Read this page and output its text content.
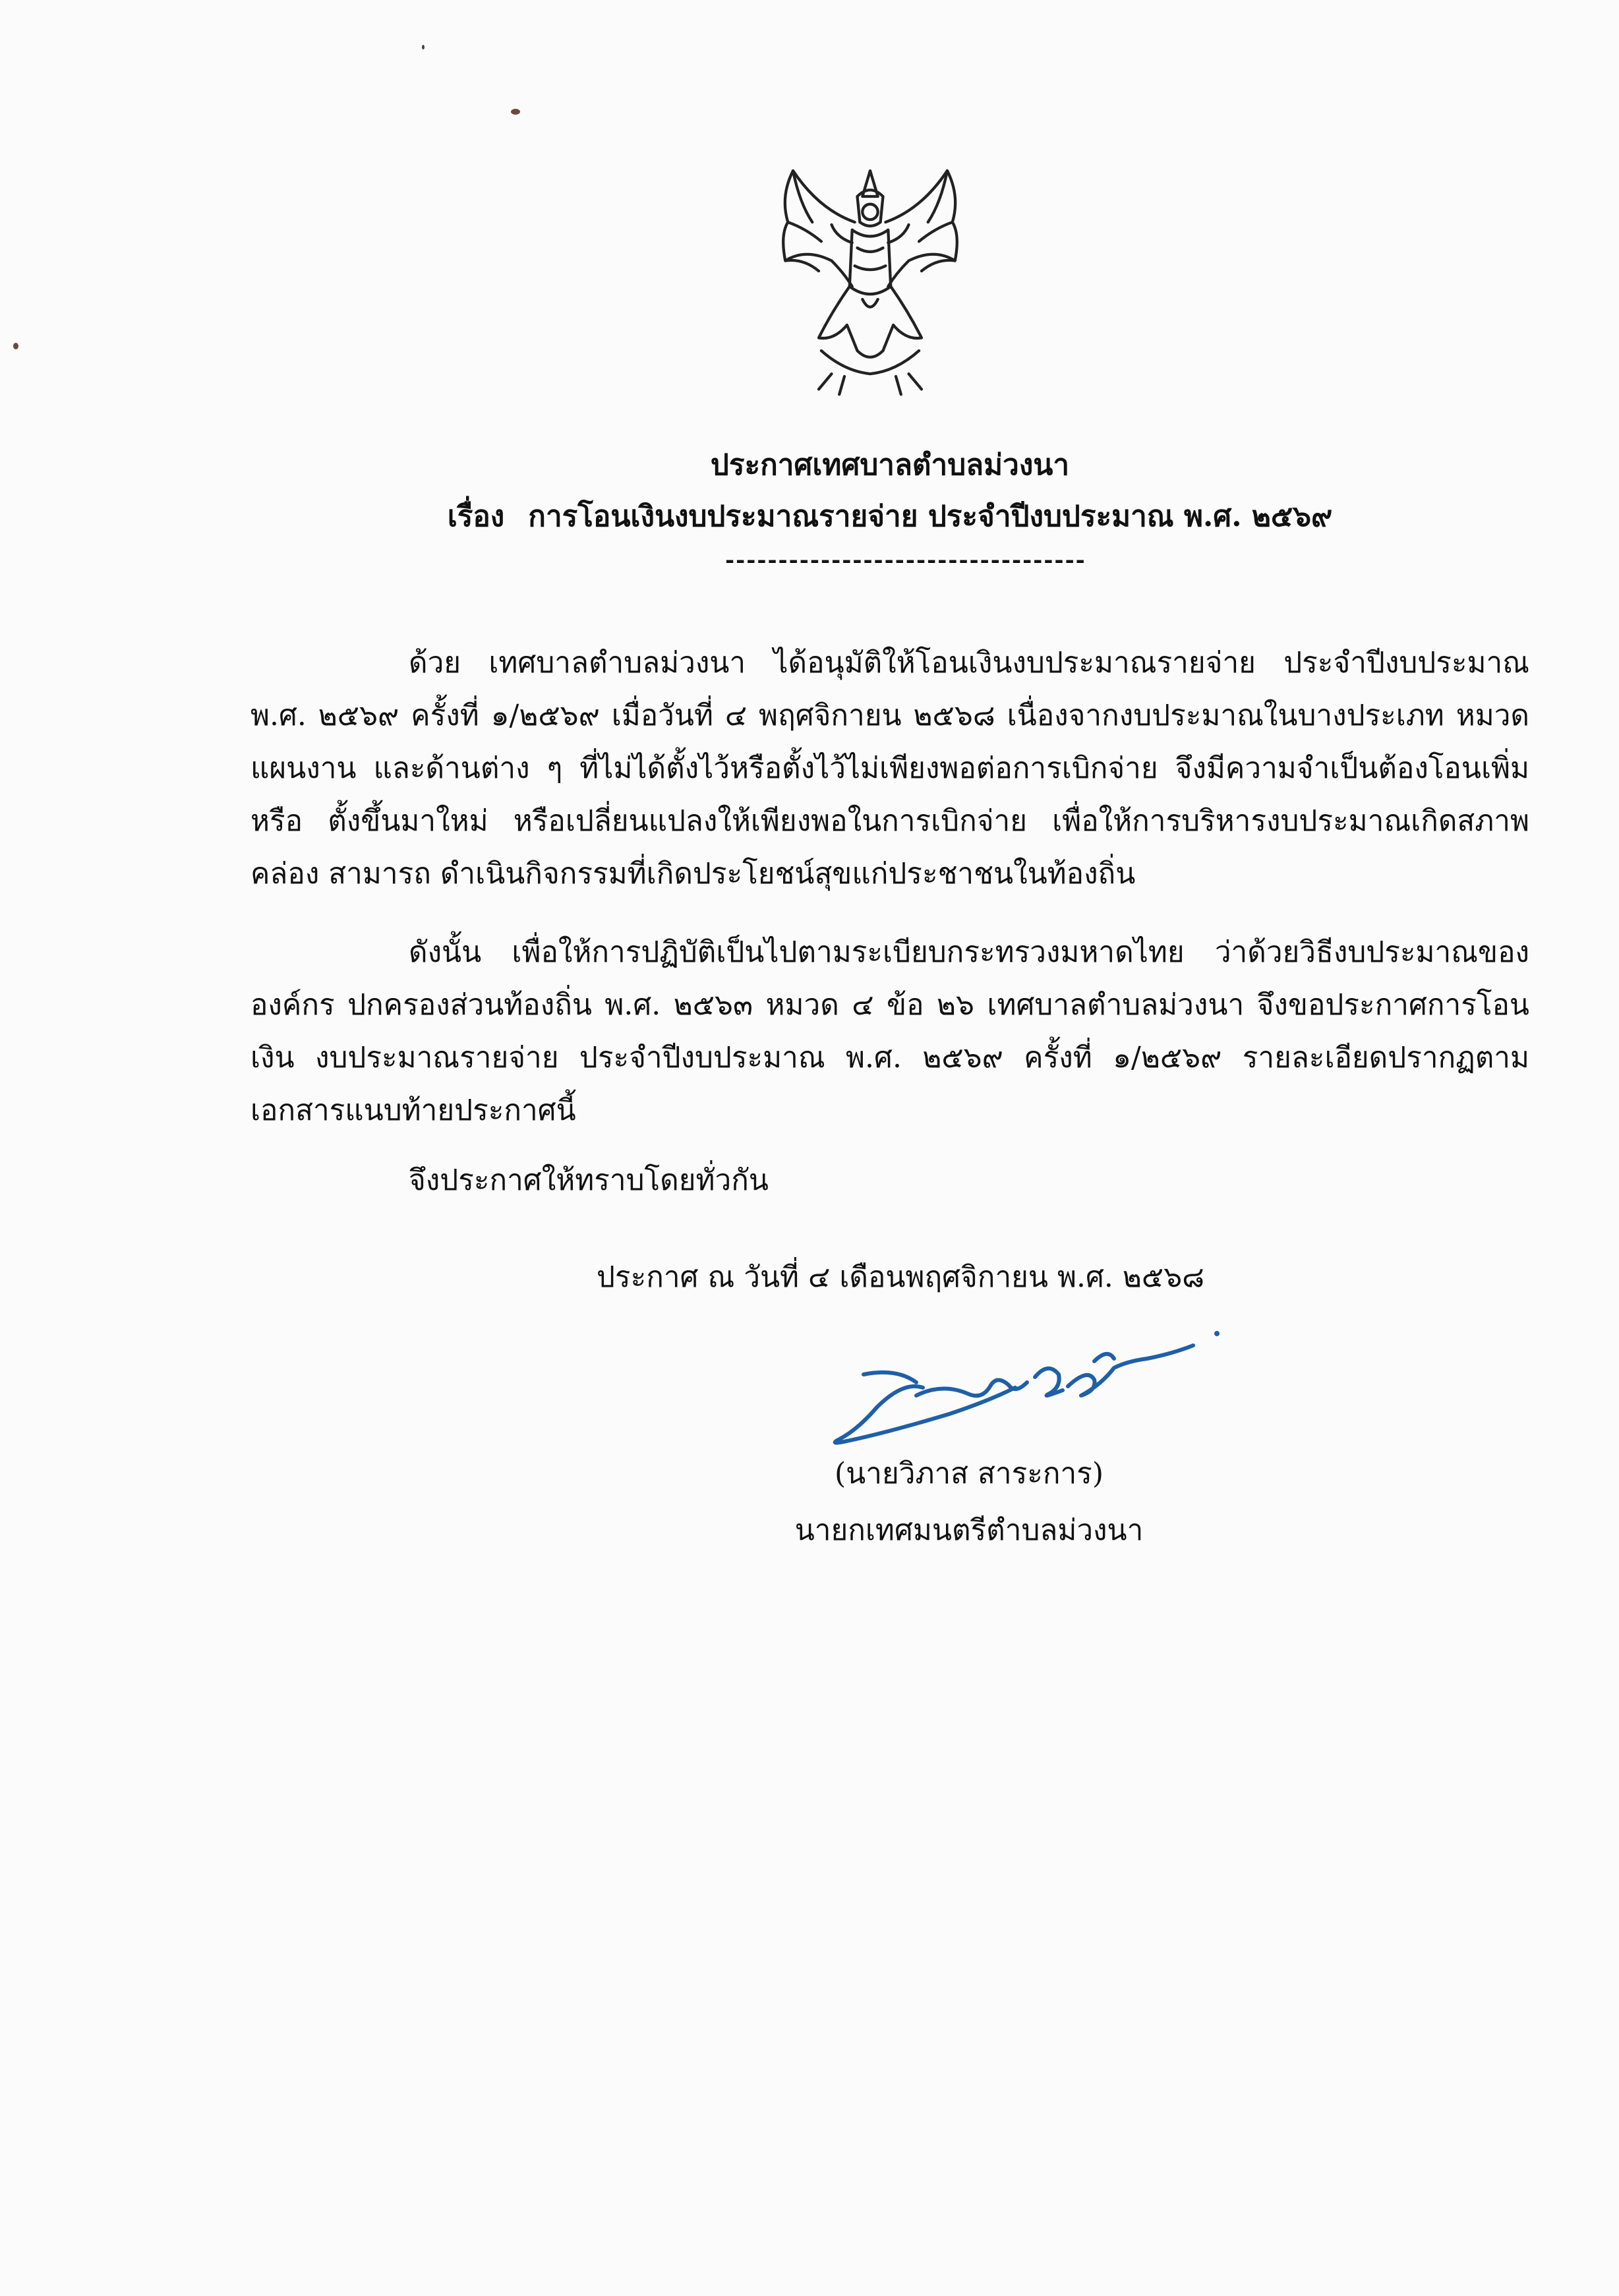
ประกาศเทศบาลตำบลม่วงนา
เรื่อง การโอนเงินงบประมาณรายจ่าย ประจำปีงบประมาณ พ.ศ. ๒๕๖๙
----------------------------------
ด้วย เทศบาลตำบลม่วงนา ได้อนุมัติให้โอนเงินงบประมาณรายจ่าย ประจำปีงบประมาณ พ.ศ. ๒๕๖๙ ครั้งที่ ๑/๒๕๖๙ เมื่อวันที่ ๔ พฤศจิกายน ๒๕๖๘ เนื่องจากงบประมาณในบางประเภท หมวดแผนงาน และด้านต่าง ๆ ที่ไม่ได้ตั้งไว้หรือตั้งไว้ไม่เพียงพอต่อการเบิกจ่าย จึงมีความจำเป็นต้องโอนเพิ่มหรือ ตั้งขึ้นมาใหม่ หรือเปลี่ยนแปลงให้เพียงพอในการเบิกจ่าย เพื่อให้การบริหารงบประมาณเกิดสภาพคล่อง สามารถ ดำเนินกิจกรรมที่เกิดประโยชน์สุขแก่ประชาชนในท้องถิ่น
ดังนั้น เพื่อให้การปฏิบัติเป็นไปตามระเบียบกระทรวงมหาดไทย ว่าด้วยวิธีงบประมาณขององค์กร ปกครองส่วนท้องถิ่น พ.ศ. ๒๕๖๓ หมวด ๔ ข้อ ๒๖ เทศบาลตำบลม่วงนา จึงขอประกาศการโอนเงิน งบประมาณรายจ่าย ประจำปีงบประมาณ พ.ศ. ๒๕๖๙ ครั้งที่ ๑/๒๕๖๙ รายละเอียดปรากฏตาม เอกสารแนบท้ายประกาศนี้
จึงประกาศให้ทราบโดยทั่วกัน
ประกาศ ณ วันที่ ๔ เดือนพฤศจิกายน พ.ศ. ๒๕๖๘
(นายวิภาส สาระการ)
นายกเทศมนตรีตำบลม่วงนา
